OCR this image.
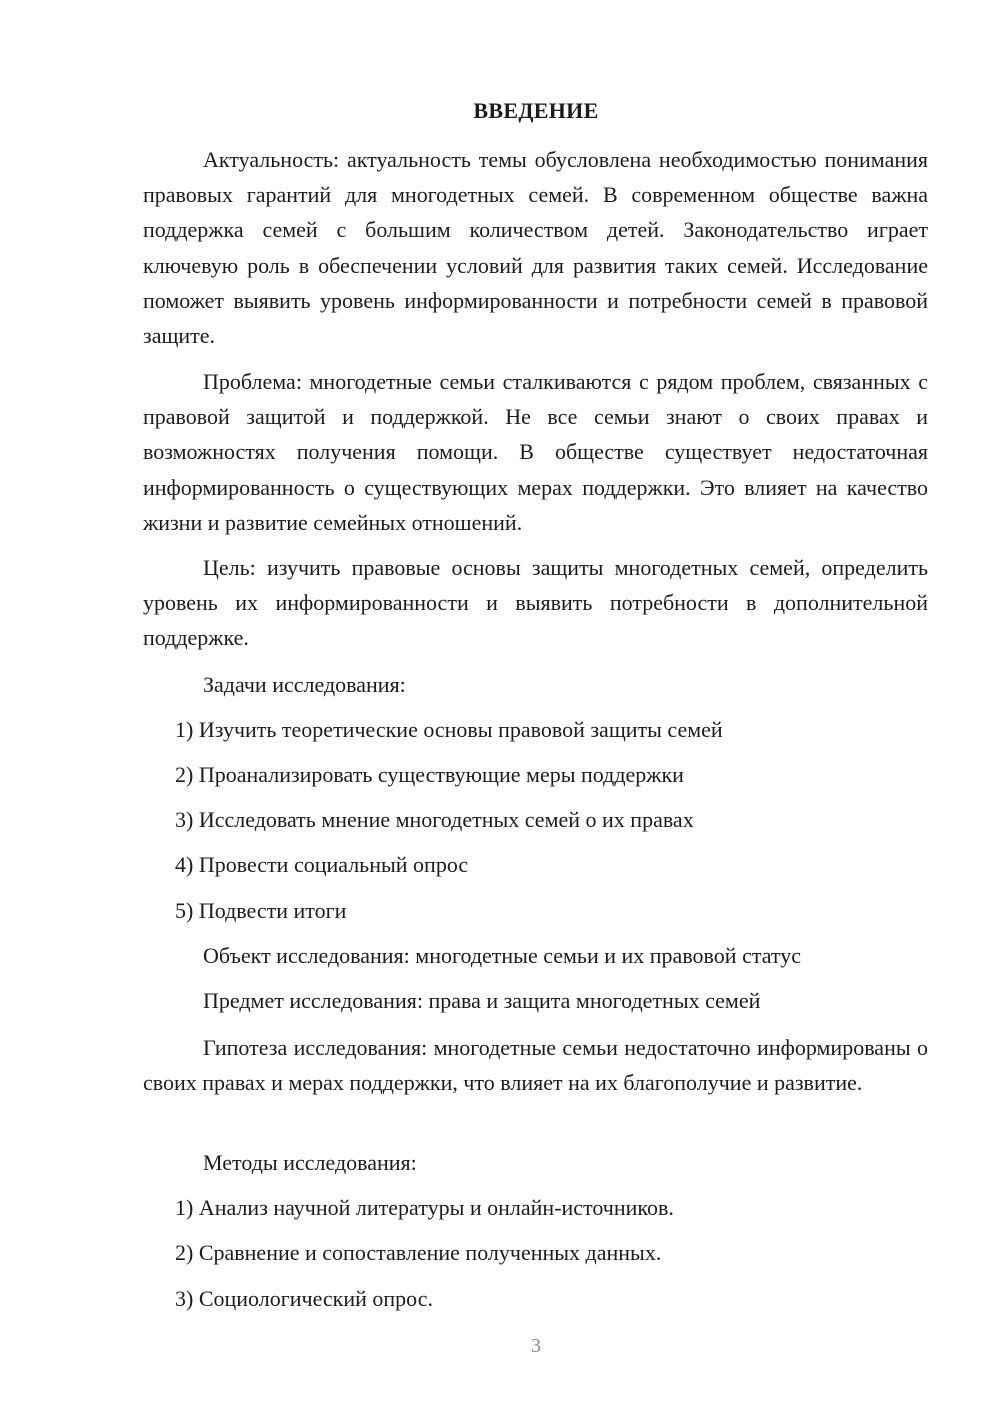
ВВЕДЕНИЕ

Актуальность: актуальность темы обусловлена необходимостью понимания правовых гарантий для многодетных семей. В современном обществе важна поддержка семей с большим количеством детей. Законодательство играет ключевую роль в обеспечении условий для развития таких семей. Исследование поможет выявить уровень информированности и потребности семей в правовой защите.

Проблема: многодетные семьи сталкиваются с рядом проблем, связанных с правовой защитой и поддержкой. Не все семьи знают о своих правах и возможностях получения помощи. В обществе существует недостаточная информированность о существующих мерах поддержки. Это влияет на качество жизни и развитие семейных отношений.

Цель: изучить правовые основы защиты многодетных семей, определить уровень их информированности и выявить потребности в дополнительной поддержке.

Задачи исследования:

1) Изучить теоретические основы правовой защиты семей

2) Проанализировать существующие меры поддержки

3) Исследовать мнение многодетных семей о их правах

4) Провести социальный опрос

5) Подвести итоги

Объект исследования: многодетные семьи и их правовой статус

Предмет исследования: права и защита многодетных семей

Гипотеза исследования: многодетные семьи недостаточно информированы о своих правах и мерах поддержки, что влияет на их благополучие и развитие.

Методы исследования:

1) Анализ научной литературы и онлайн-источников.

2) Сравнение и сопоставление полученных данных.

3) Социологический опрос.

3
